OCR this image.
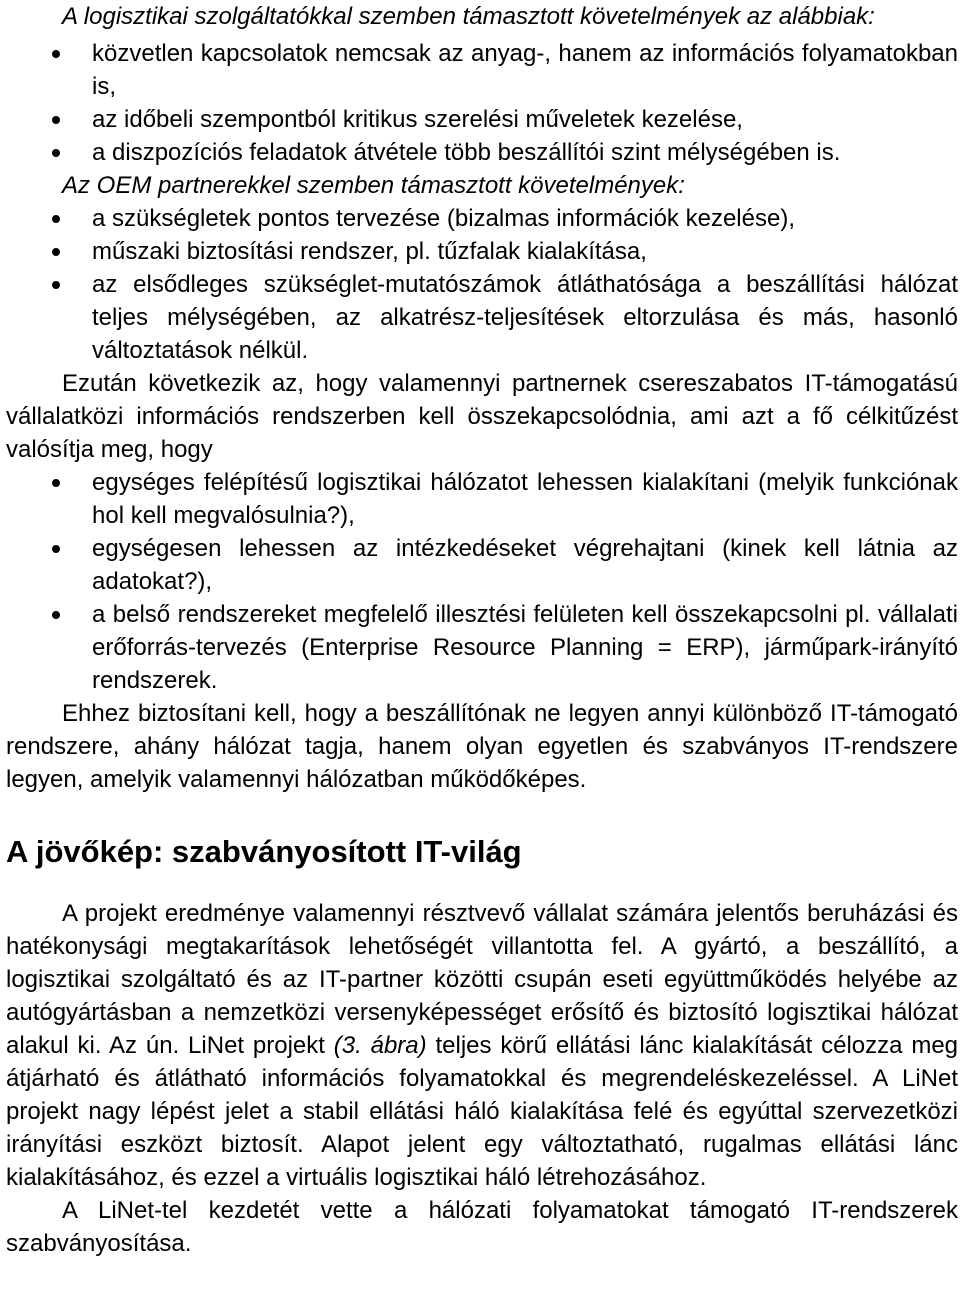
A logisztikai szolgáltatókkal szemben támasztott követelmények az alábbiak:

közvetlen kapcsolatok nemcsak az anyag-, hanem az információs folyamatokban is,
az időbeli szempontból kritikus szerelési műveletek kezelése,
a diszpozíciós feladatok átvétele több beszállítói szint mélységében is.

Az OEM partnerekkel szemben támasztott követelmények:

a szükségletek pontos tervezése (bizalmas információk kezelése),
műszaki biztosítási rendszer, pl. tűzfalak kialakítása,
az elsődleges szükséglet-mutatószámok átláthatósága a beszállítási hálózat teljes mélységében, az alkatrész-teljesítések eltorzulása és más, hasonló változtatások nélkül.

Ezután következik az, hogy valamennyi partnernek csereszabatos IT-támogatású vállalatközi információs rendszerben kell összekapcsolódnia, ami azt a fő célkitűzést valósítja meg, hogy

egységes felépítésű logisztikai hálózatot lehessen kialakítani (melyik funkciónak hol kell megvalósulnia?),
egységesen lehessen az intézkedéseket végrehajtani (kinek kell látnia az adatokat?),
a belső rendszereket megfelelő illesztési felületen kell összekapcsolni pl. vállalati erőforrás-tervezés (Enterprise Resource Planning = ERP), járműpark-irányító rendszerek.

Ehhez biztosítani kell, hogy a beszállítónak ne legyen annyi különböző IT-támogató rendszere, ahány hálózat tagja, hanem olyan egyetlen és szabványos IT-rendszere legyen, amelyik valamennyi hálózatban működőképes.

A jövőkép: szabványosított IT-világ

A projekt eredménye valamennyi résztvevő vállalat számára jelentős beruházási és hatékonysági megtakarítások lehetőségét villantotta fel. A gyártó, a beszállító, a logisztikai szolgáltató és az IT-partner közötti csupán eseti együttműködés helyébe az autógyártásban a nemzetközi versenyképességet erősítő és biztosító logisztikai hálózat alakul ki. Az ún. LiNet projekt (3. ábra) teljes körű ellátási lánc kialakítását célozza meg átjárható és átlátható információs folyamatokkal és megrendeléskezeléssel. A LiNet projekt nagy lépést jelet a stabil ellátási háló kialakítása felé és egyúttal szervezetközi irányítási eszközt biztosít. Alapot jelent egy változtatható, rugalmas ellátási lánc kialakításához, és ezzel a virtuális logisztikai háló létrehozásához.

A LiNet-tel kezdetét vette a hálózati folyamatokat támogató IT-rendszerek szabványosítása.
